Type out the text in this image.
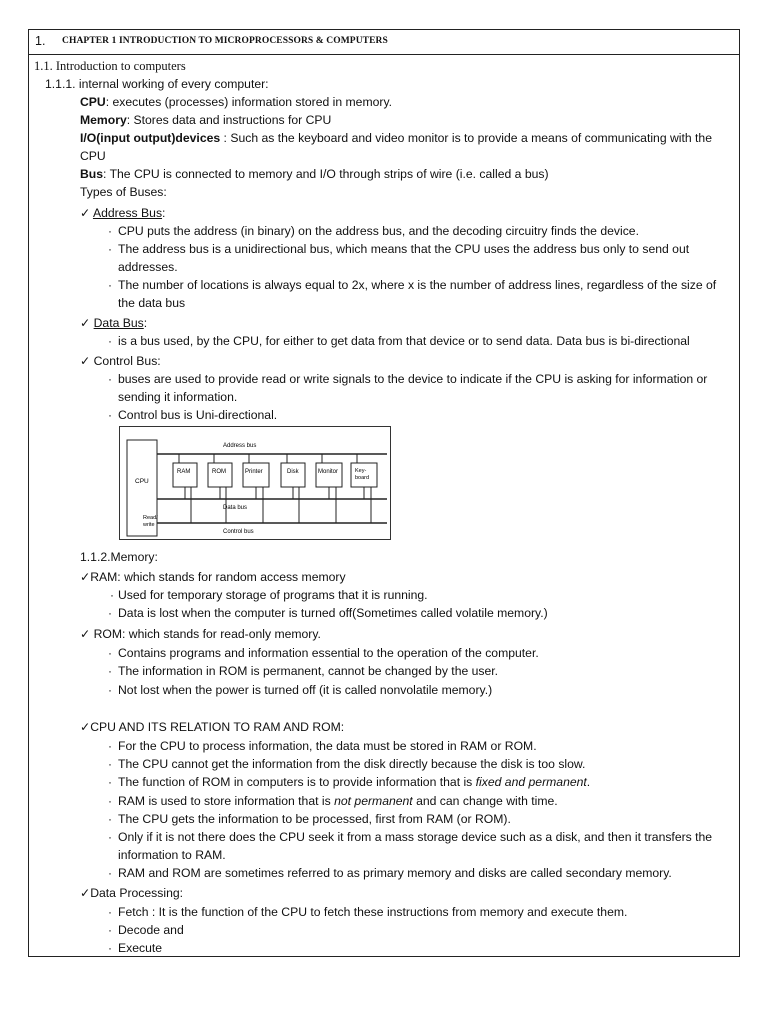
1. CHAPTER 1 INTRODUCTION TO MICROPROCESSORS & COMPUTERS
1.1. Introduction to computers
1.1.1. internal working of every computer:
CPU: executes (processes) information stored in memory.
Memory: Stores data and instructions for CPU
I/O(input output)devices : Such as the keyboard and video monitor is to provide a means of communicating with the
CPU
Bus: The CPU is connected to memory and I/O through strips of wire (i.e. called a bus)
Types of Buses:
✓ Address Bus:
· CPU puts the address (in binary) on the address bus, and the decoding circuitry finds the device.
· The address bus is a unidirectional bus, which means that the CPU uses the address bus only to send out
addresses.
· The number of locations is always equal to 2x, where x is the number of address lines, regardless of the size of
the data bus
✓ Data Bus:
· is a bus used, by the CPU, for either to get data from that device or to send data. Data bus is bi-directional
✓ Control Bus:
· buses are used to provide read or write signals to the device to indicate if the CPU is asking for information or
sending it information.
· Control bus is Uni-directional.
1.1.2.Memory:
✓RAM: which stands for random access memory
· Used for temporary storage of programs that it is running.
· Data is lost when the computer is turned off(Sometimes called volatile memory.)
✓ ROM: which stands for read-only memory.
· Contains programs and information essential to the operation of the computer.
· The information in ROM is permanent, cannot be changed by the user.
· Not lost when the power is turned off (it is called nonvolatile memory.)
✓CPU AND ITS RELATION TO RAM AND ROM:
· For the CPU to process information, the data must be stored in RAM or ROM.
· The CPU cannot get the information from the disk directly because the disk is too slow.
· The function of ROM in computers is to provide information that is fixed and permanent.
· RAM is used to store information that is not permanent and can change with time.
· The CPU gets the information to be processed, first from RAM (or ROM).
· Only if it is not there does the CPU seek it from a mass storage device such as a disk, and then it transfers the
information to RAM.
· RAM and ROM are sometimes referred to as primary memory and disks are called secondary memory.
✓Data Processing:
· Fetch : It is the function of the CPU to fetch these instructions from memory and execute them.
· Decode and
· Execute
CPU
Read/
write
Address bus
Data bus
Control bus
RAM	ROM	Printer	Disk	Monitor	Key-
board
